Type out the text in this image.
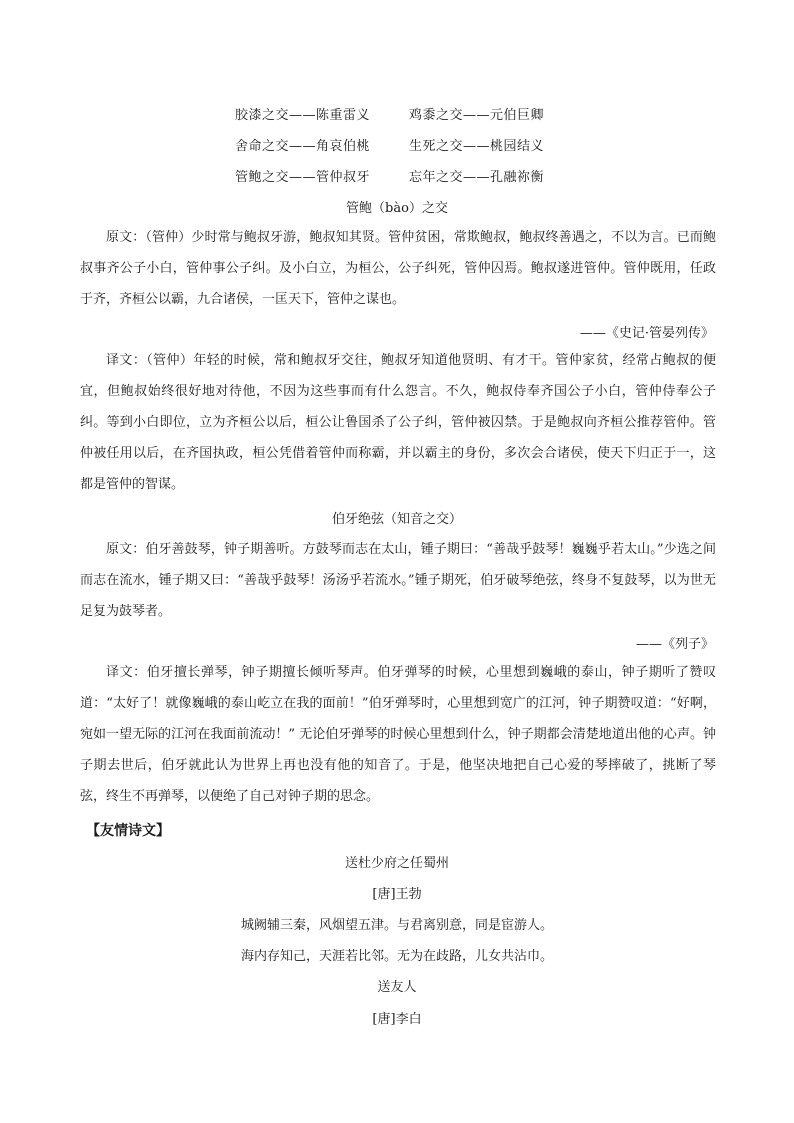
胶漆之交——陈重雷义	鸡黍之交——元伯巨卿
舍命之交——角哀伯桃	生死之交——桃园结义
管鲍之交——管仲叔牙	忘年之交——孔融祢衡
管鲍（bào）之交
原文：（管仲）少时常与鲍叔牙游，鲍叔知其贤。管仲贫困，常欺鲍叔，鲍叔终善遇之，不以为言。已而鲍叔事齐公子小白，管仲事公子纠。及小白立，为桓公，公子纠死，管仲囚焉。鲍叔遂进管仲。管仲既用，任政于齐，齐桓公以霸，九合诸侯，一匡天下，管仲之谋也。
——《史记·管晏列传》
译文：（管仲）年轻的时候，常和鲍叔牙交往，鲍叔牙知道他贤明、有才干。管仲家贫，经常占鲍叔的便宜，但鲍叔始终很好地对待他，不因为这些事而有什么怨言。不久，鲍叔侍奉齐国公子小白，管仲侍奉公子纠。等到小白即位，立为齐桓公以后，桓公让鲁国杀了公子纠，管仲被囚禁。于是鲍叔向齐桓公推荐管仲。管仲被任用以后，在齐国执政，桓公凭借着管仲而称霸，并以霸主的身份，多次会合诸侯，使天下归正于一，这都是管仲的智谋。
伯牙绝弦（知音之交）
原文：伯牙善鼓琴，钟子期善听。方鼓琴而志在太山，锺子期曰：“善哉乎鼓琴！巍巍乎若太山。”少选之间而志在流水，锺子期又曰：“善哉乎鼓琴！汤汤乎若流水。”锺子期死，伯牙破琴绝弦，终身不复鼓琴，以为世无足复为鼓琴者。
——《列子》
译文：伯牙擅长弹琴，钟子期擅长倾听琴声。伯牙弹琴的时候，心里想到巍峨的泰山，钟子期听了赞叹道：“太好了！就像巍峨的泰山屹立在我的面前！”伯牙弹琴时，心里想到宽广的江河，钟子期赞叹道：“好啊，宛如一望无际的江河在我面前流动！” 无论伯牙弹琴的时候心里想到什么，钟子期都会清楚地道出他的心声。钟子期去世后，伯牙就此认为世界上再也没有他的知音了。于是，他坚决地把自己心爱的琴摔破了，挑断了琴弦，终生不再弹琴，以便绝了自己对钟子期的思念。
【友情诗文】
送杜少府之任蜀州
[唐]王勃
城阙辅三秦，风烟望五津。与君离别意，同是宦游人。
海内存知己，天涯若比邻。无为在歧路，儿女共沾巾。
送友人
[唐]李白
